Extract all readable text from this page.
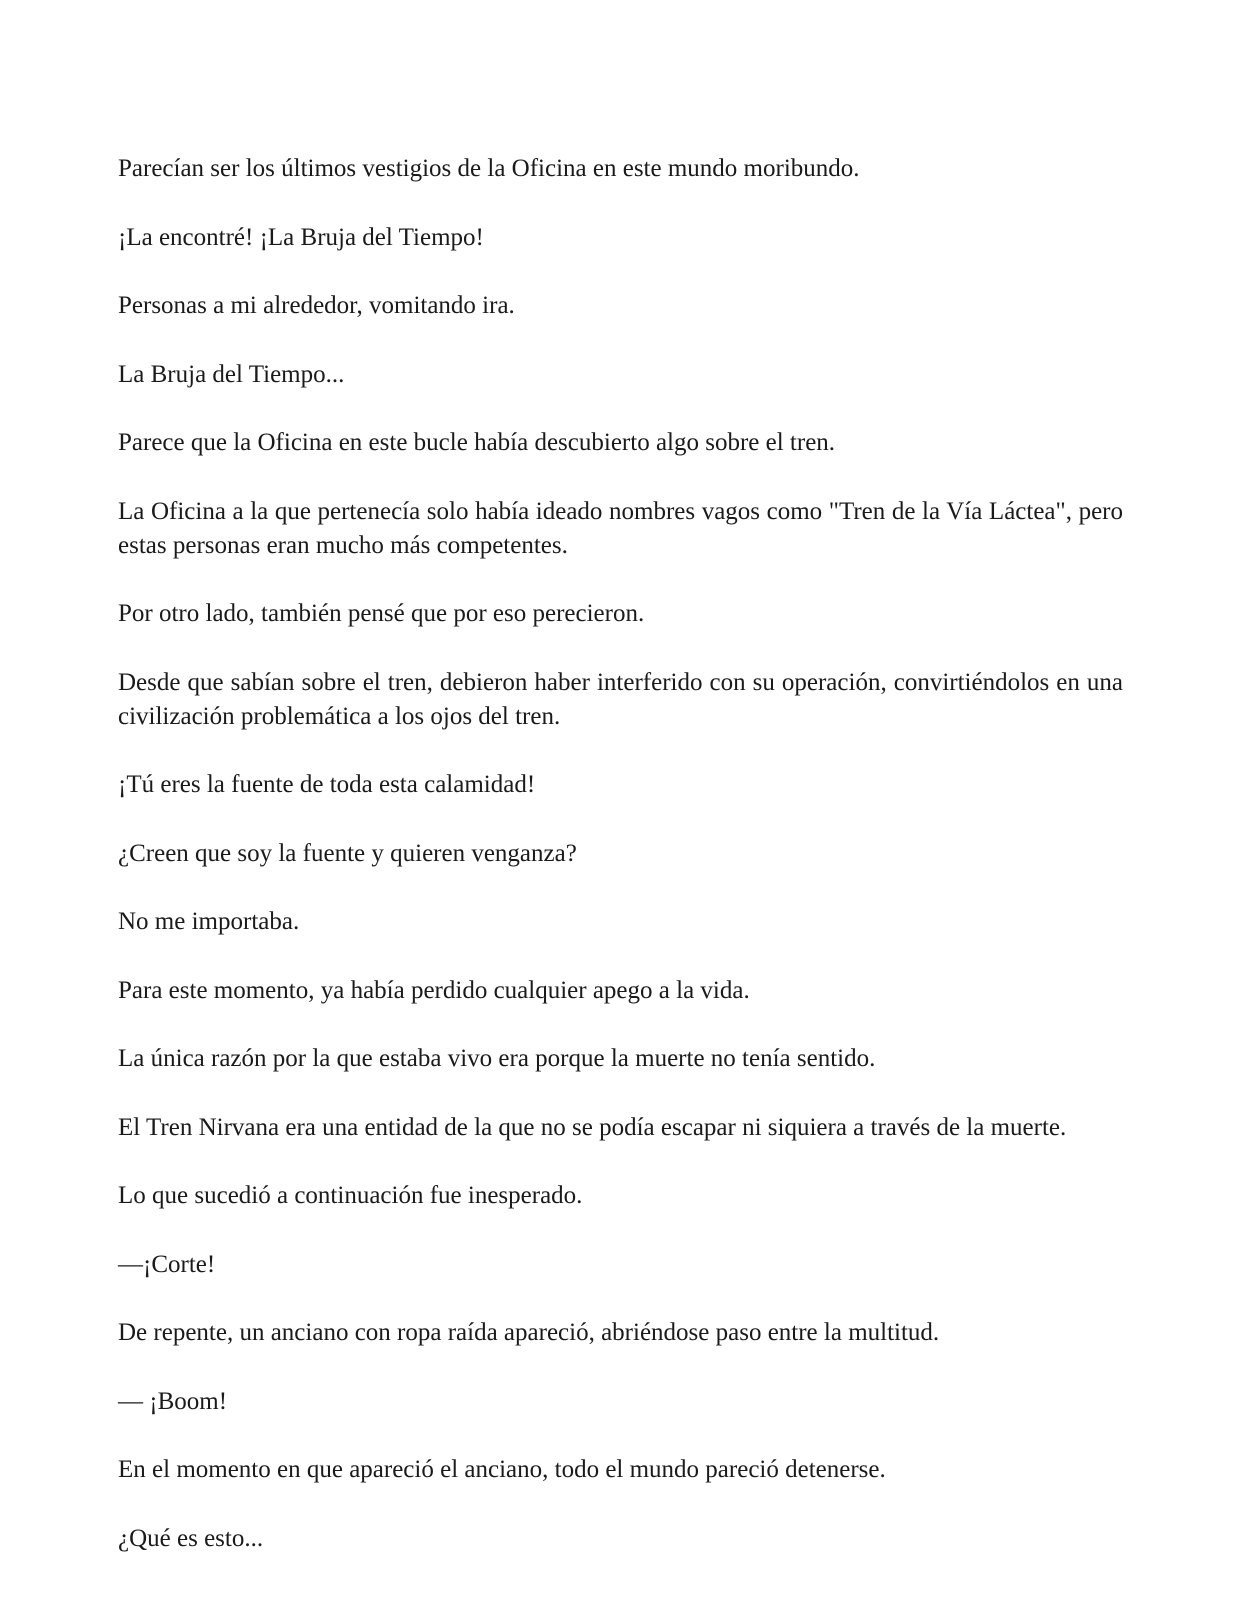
Parecían ser los últimos vestigios de la Oficina en este mundo moribundo.

¡La encontré! ¡La Bruja del Tiempo!

Personas a mi alrededor, vomitando ira.

La Bruja del Tiempo...

Parece que la Oficina en este bucle había descubierto algo sobre el tren.

La Oficina a la que pertenecía solo había ideado nombres vagos como "Tren de la Vía Láctea", pero estas personas eran mucho más competentes.

Por otro lado, también pensé que por eso perecieron.

Desde que sabían sobre el tren, debieron haber interferido con su operación, convirtiéndolos en una civilización problemática a los ojos del tren.

¡Tú eres la fuente de toda esta calamidad!

¿Creen que soy la fuente y quieren venganza?

No me importaba.

Para este momento, ya había perdido cualquier apego a la vida.

La única razón por la que estaba vivo era porque la muerte no tenía sentido.

El Tren Nirvana era una entidad de la que no se podía escapar ni siquiera a través de la muerte.

Lo que sucedió a continuación fue inesperado.

—¡Corte!

De repente, un anciano con ropa raída apareció, abriéndose paso entre la multitud.

— ¡Boom!

En el momento en que apareció el anciano, todo el mundo pareció detenerse.

¿Qué es esto...
